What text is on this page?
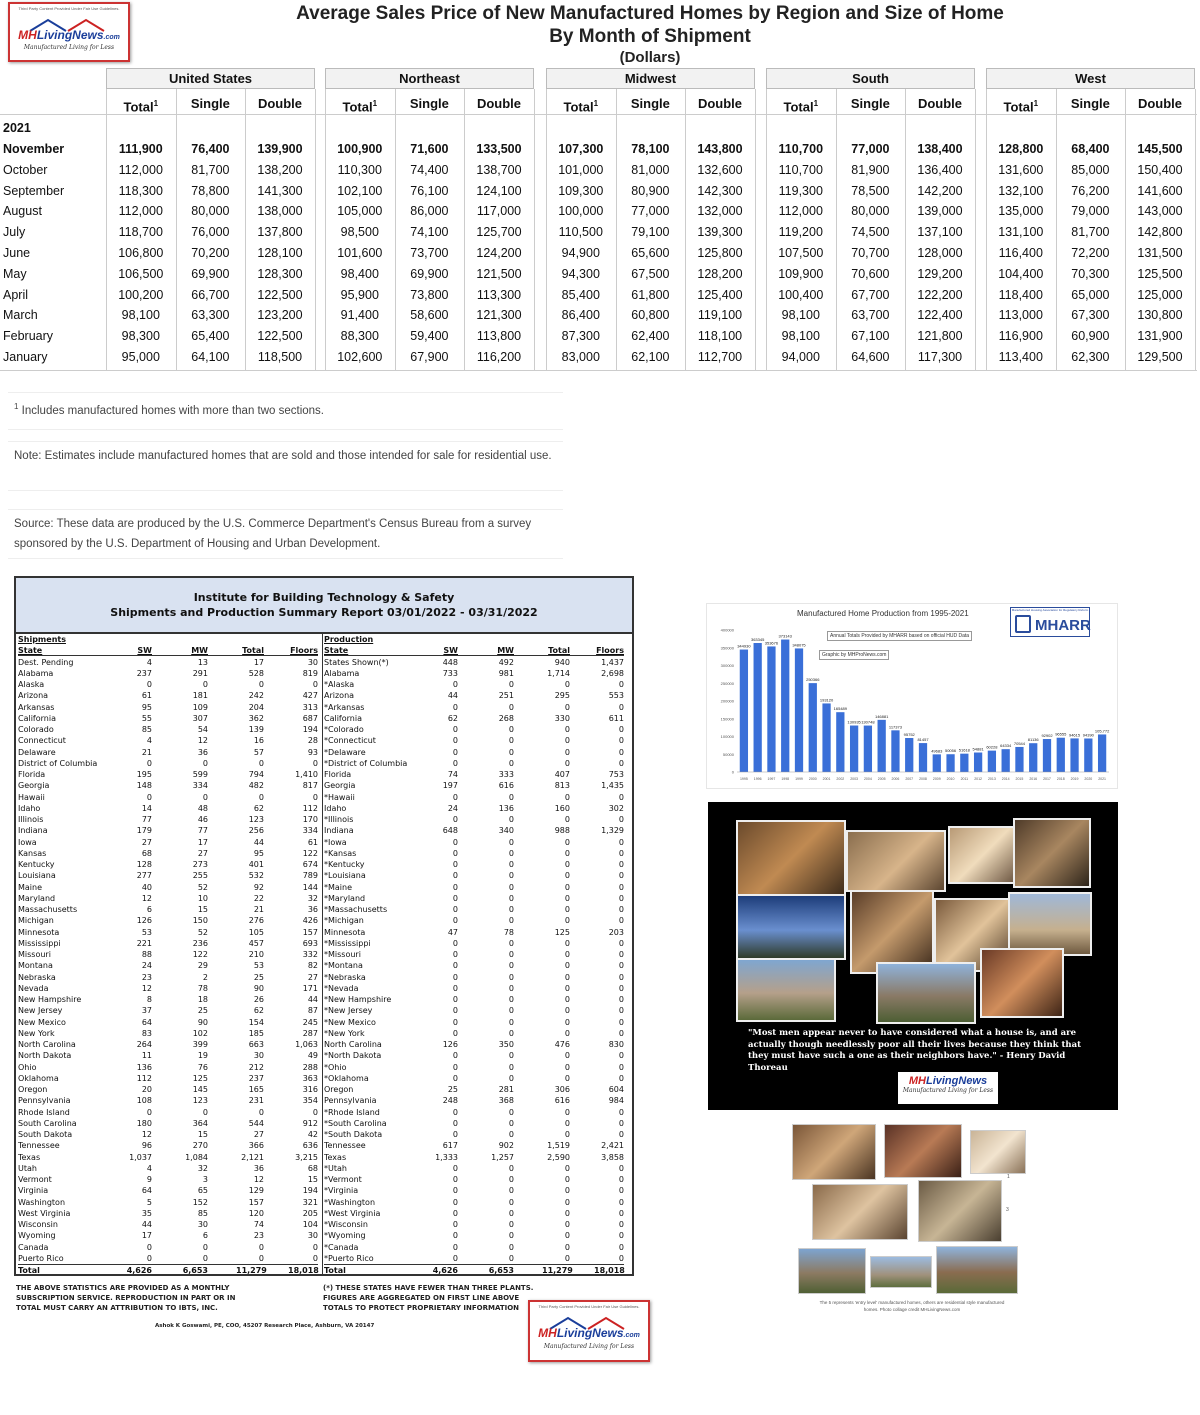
Third Party Content Provided Under Fair Use Guidelines.
MHLivingNews.com
Manufactured Living for Less
Average Sales Price of New Manufactured Homes by Region and Size of Home
By Month of Shipment
(Dollars)
United States
Total$^1$	Single	Double
Northeast
Total$^1$	Single	Double
Midwest
Total$^1$	Single	Double
South
Total$^1$	Single	Double
West
Total$^1$	Single	Double
2021
November	111,900	76,400	139,900	100,900	71,600	133,500	107,300	78,100	143,800	110,700	77,000	138,400	128,800	68,400	145,500
October	112,000	81,700	138,200	110,300	74,400	138,700	101,000	81,000	132,600	110,700	81,900	136,400	131,600	85,000	150,400
September	118,300	78,800	141,300	102,100	76,100	124,100	109,300	80,900	142,300	119,300	78,500	142,200	132,100	76,200	141,600
August	112,000	80,000	138,000	105,000	86,000	117,000	100,000	77,000	132,000	112,000	80,000	139,000	135,000	79,000	143,000
July	118,700	76,000	137,800	98,500	74,100	125,700	110,500	79,100	139,300	119,200	74,500	137,100	131,100	81,700	142,800
June	106,800	70,200	128,100	101,600	73,700	124,200	94,900	65,600	125,800	107,500	70,700	128,000	116,400	72,200	131,500
May	106,500	69,900	128,300	98,400	69,900	121,500	94,300	67,500	128,200	109,900	70,600	129,200	104,400	70,300	125,500
April	100,200	66,700	122,500	95,900	73,800	113,300	85,400	61,800	125,400	100,400	67,700	122,200	118,400	65,000	125,000
March	98,100	63,300	123,200	91,400	58,600	121,300	86,400	60,800	119,100	98,100	63,700	122,400	113,000	67,300	130,800
February	98,300	65,400	122,500	88,300	59,400	113,800	87,300	62,400	118,100	98,100	67,100	121,800	116,900	60,900	131,900
January	95,000	64,100	118,500	102,600	67,900	116,200	83,000	62,100	112,700	94,000	64,600	117,300	113,400	62,300	129,500
$^1$ Includes manufactured homes with more than two sections.
Note: Estimates include manufactured homes that are sold and those intended for sale for residential use.
Source: These data are produced by the U.S. Commerce Department's Census Bureau from a survey sponsored by the U.S. Department of Housing and Urban Development.
Institute for Building Technology & Safety
Shipments and Production Summary Report 03/01/2022 - 03/31/2022
Shipments
State	SW	MW	Total	Floors
Dest. Pending	4	13	17	30
Alabama	237	291	528	819
Alaska	0	0	0	0
Arizona	61	181	242	427
Arkansas	95	109	204	313
California	55	307	362	687
Colorado	85	54	139	194
Connecticut	4	12	16	28
Delaware	21	36	57	93
District of Columbia	0	0	0	0
Florida	195	599	794	1,410
Georgia	148	334	482	817
Hawaii	0	0	0	0
Idaho	14	48	62	112
Illinois	77	46	123	170
Indiana	179	77	256	334
Iowa	27	17	44	61
Kansas	68	27	95	122
Kentucky	128	273	401	674
Louisiana	277	255	532	789
Maine	40	52	92	144
Maryland	12	10	22	32
Massachusetts	6	15	21	36
Michigan	126	150	276	426
Minnesota	53	52	105	157
Mississippi	221	236	457	693
Missouri	88	122	210	332
Montana	24	29	53	82
Nebraska	23	2	25	27
Nevada	12	78	90	171
New Hampshire	8	18	26	44
New Jersey	37	25	62	87
New Mexico	64	90	154	245
New York	83	102	185	287
North Carolina	264	399	663	1,063
North Dakota	11	19	30	49
Ohio	136	76	212	288
Oklahoma	112	125	237	363
Oregon	20	145	165	316
Pennsylvania	108	123	231	354
Rhode Island	0	0	0	0
South Carolina	180	364	544	912
South Dakota	12	15	27	42
Tennessee	96	270	366	636
Texas	1,037	1,084	2,121	3,215
Utah	4	32	36	68
Vermont	9	3	12	15
Virginia	64	65	129	194
Washington	5	152	157	321
West Virginia	35	85	120	205
Wisconsin	44	30	74	104
Wyoming	17	6	23	30
Canada	0	0	0	0
Puerto Rico	0	0	0	0
Total	4,626	6,653	11,279	18,018
Production
State	SW	MW	Total	Floors
States Shown(*)	448	492	940	1,437
Alabama	733	981	1,714	2,698
*Alaska	0	0	0	0
Arizona	44	251	295	553
*Arkansas	0	0	0	0
California	62	268	330	611
*Colorado	0	0	0	0
*Connecticut	0	0	0	0
*Delaware	0	0	0	0
*District of Columbia	0	0	0	0
Florida	74	333	407	753
Georgia	197	616	813	1,435
*Hawaii	0	0	0	0
Idaho	24	136	160	302
*Illinois	0	0	0	0
Indiana	648	340	988	1,329
*Iowa	0	0	0	0
*Kansas	0	0	0	0
*Kentucky	0	0	0	0
*Louisiana	0	0	0	0
*Maine	0	0	0	0
*Maryland	0	0	0	0
*Massachusetts	0	0	0	0
*Michigan	0	0	0	0
Minnesota	47	78	125	203
*Mississippi	0	0	0	0
*Missouri	0	0	0	0
*Montana	0	0	0	0
*Nebraska	0	0	0	0
*Nevada	0	0	0	0
*New Hampshire	0	0	0	0
*New Jersey	0	0	0	0
*New Mexico	0	0	0	0
*New York	0	0	0	0
North Carolina	126	350	476	830
*North Dakota	0	0	0	0
*Ohio	0	0	0	0
*Oklahoma	0	0	0	0
Oregon	25	281	306	604
Pennsylvania	248	368	616	984
*Rhode Island	0	0	0	0
*South Carolina	0	0	0	0
*South Dakota	0	0	0	0
Tennessee	617	902	1,519	2,421
Texas	1,333	1,257	2,590	3,858
*Utah	0	0	0	0
*Vermont	0	0	0	0
*Virginia	0	0	0	0
*Washington	0	0	0	0
*West Virginia	0	0	0	0
*Wisconsin	0	0	0	0
*Wyoming	0	0	0	0
*Canada	0	0	0	0
*Puerto Rico	0	0	0	0
Total	4,626	6,653	11,279	18,018
THE ABOVE STATISTICS ARE PROVIDED AS A MONTHLY SUBSCRIPTION SERVICE. REPRODUCTION IN PART OR IN TOTAL MUST CARRY AN ATTRIBUTION TO IBTS, INC.
(*) THESE STATES HAVE FEWER THAN THREE PLANTS. FIGURES ARE AGGREGATED ON FIRST LINE ABOVE TOTALS TO PROTECT PROPRIETARY INFORMATION
Ashok K Goswami, PE, COO, 45207 Research Place, Ashburn, VA 20147
Third Party Content Provided Under Fair Use Guidelines.
MHLivingNews.com
Manufactured Living for Less
Manufactured Home Production from 1995-2021
Annual Totals Provided by MHARR based on official HUD Data
Graphic by MHProNews.com
Manufactured Housing Association for Regulatory Reform
MHARR
0
50000
100000
150000
200000
250000
300000
350000
400000
344930
1995
363345
1996
353676
1997
373143
1998
348075
1999
250366
2000
193120
2001
165489
2002
130935
2003
130748
2004
146881
2005
117373
2006
95752
2007
81457
2008
49683
2009
50056
2010
51618
2011
54881
2012
60228
2013
64334
2014
70544
2015
81136
2016
92902
2017
96555
2018
94615
2019
94390
2020
105,772
2021
"Most men appear never to have considered what a house is, and are actually though needlessly poor all their lives because they think that they must have such a one as their neighbors have." - Henry David Thoreau
MHLivingNews
Manufactured Living for Less
1
3
The 5 represents 'entry level' manufactured homes, others are residential style manufactured homes. Photo collage credit MHLivingNews.com
